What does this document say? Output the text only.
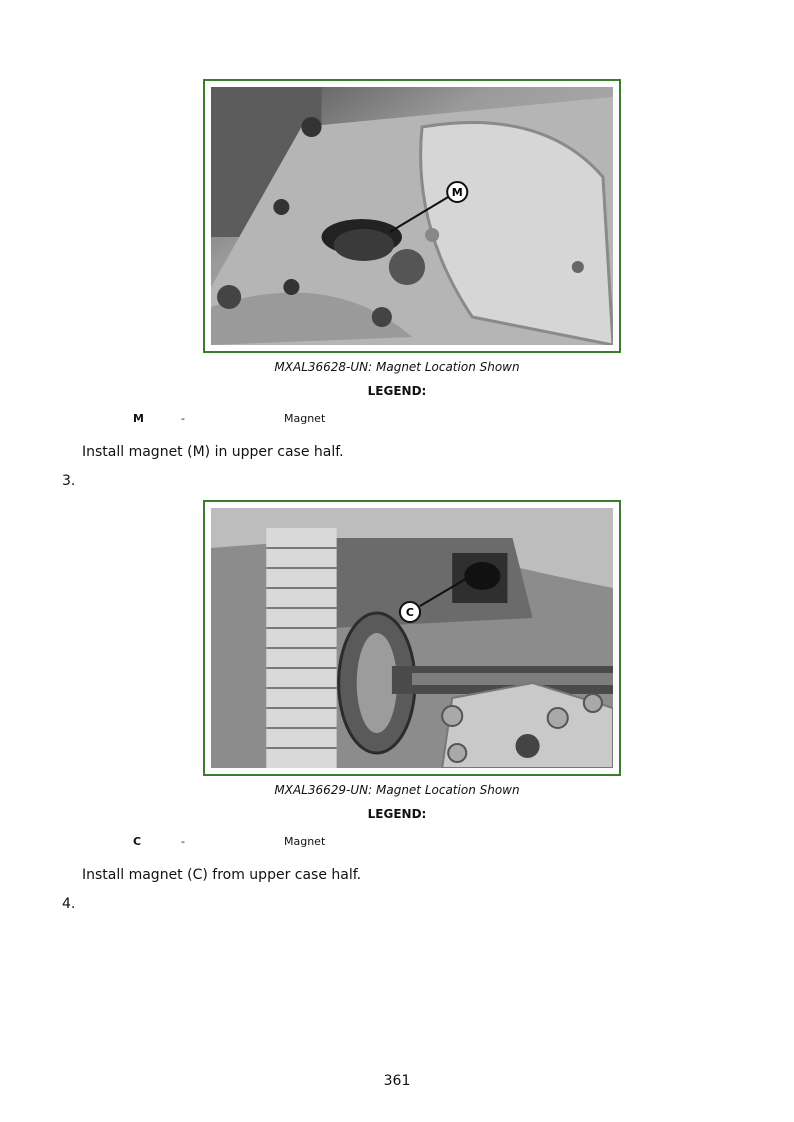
M
MXAL36628-UN: Magnet Location Shown
LEGEND:
M	-	Magnet
Install magnet (M) in upper case half.
3.
C
MXAL36629-UN: Magnet Location Shown
LEGEND:
C	-	Magnet
Install magnet (C) from upper case half.
4.
361
